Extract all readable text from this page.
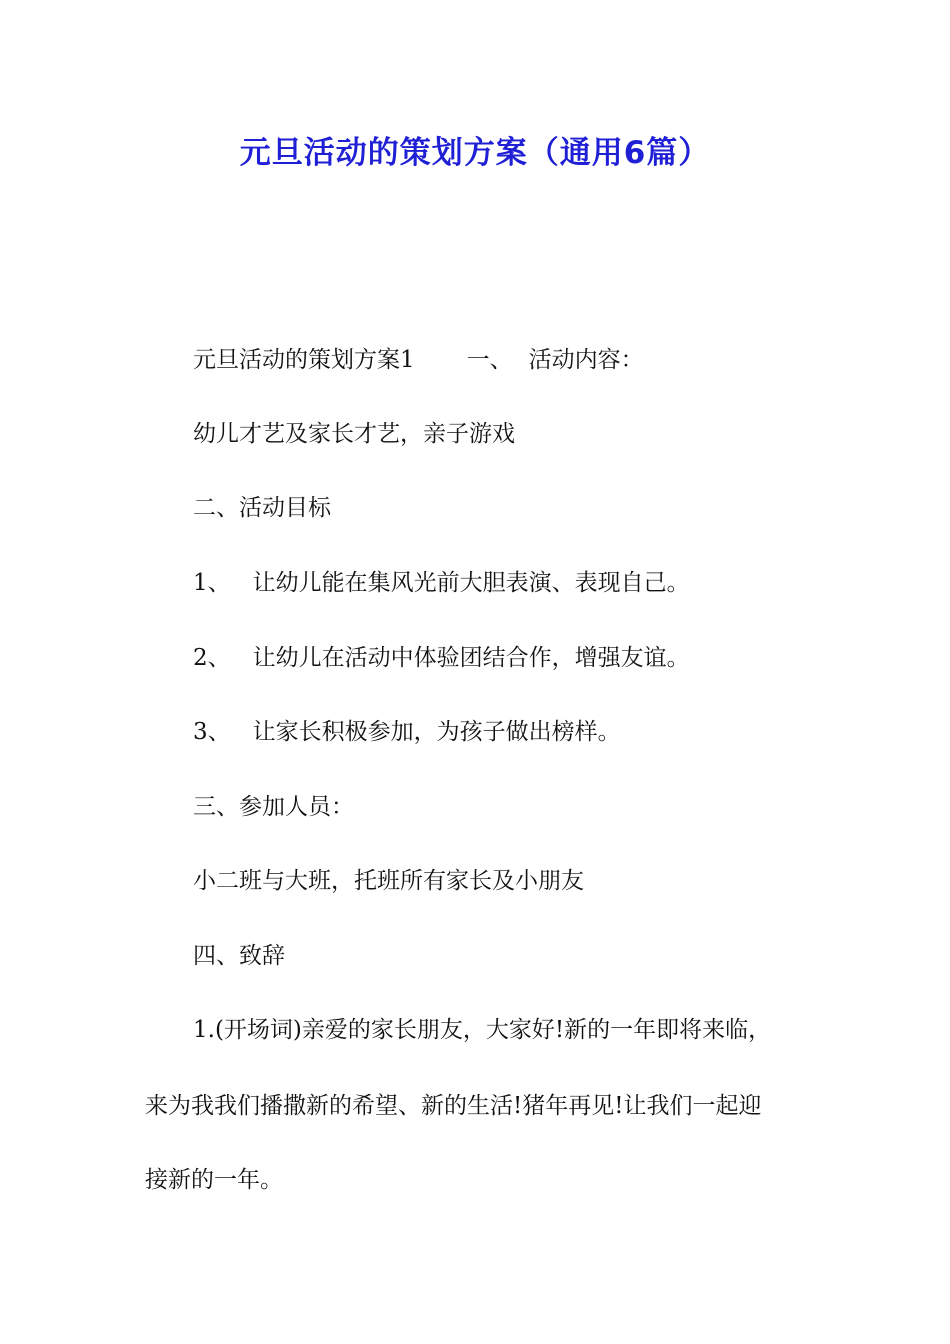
元旦活动的策划方案（通用6篇）
元旦活动的策划方案1 一、 活动内容：
幼儿才艺及家长才艺，亲子游戏
二、活动目标
1、 让幼儿能在集风光前大胆表演、表现自己。
2、 让幼儿在活动中体验团结合作，增强友谊。
3、 让家长积极参加，为孩子做出榜样。
三、参加人员：
小二班与大班，托班所有家长及小朋友
四、致辞
1.(开场词)亲爱的家长朋友，大家好!新的一年即将来临，
来为我我们播撒新的希望、新的生活!猪年再见!让我们一起迎
接新的一年。
